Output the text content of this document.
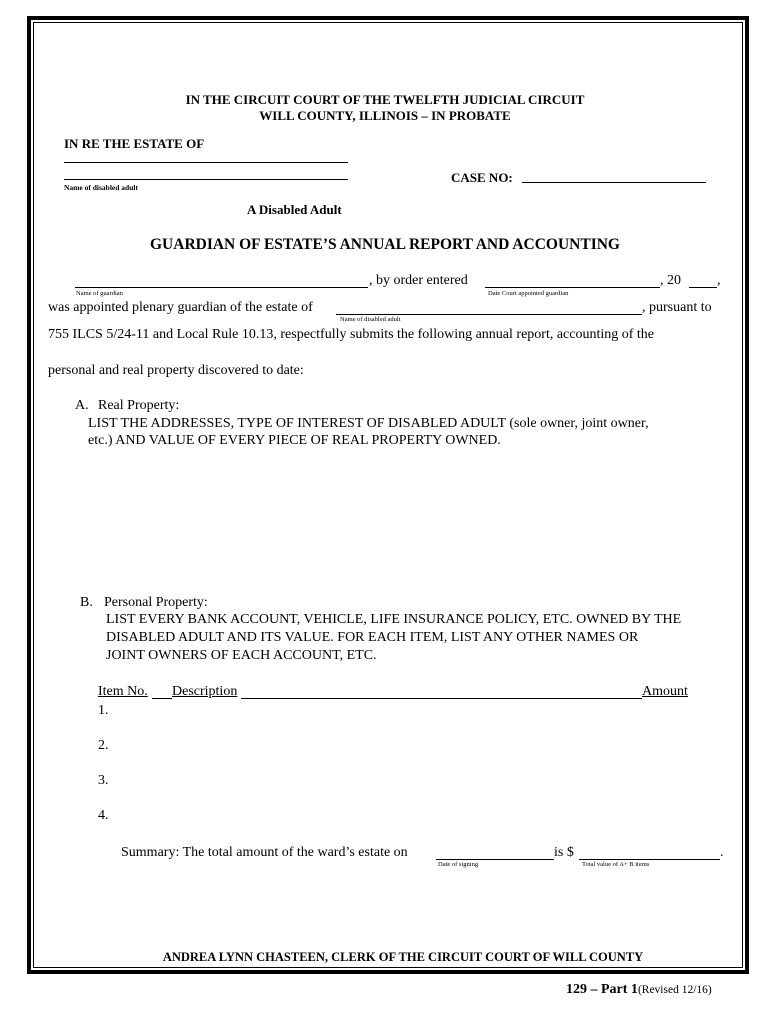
IN THE CIRCUIT COURT OF THE TWELFTH JUDICIAL CIRCUIT
WILL COUNTY, ILLINOIS – IN PROBATE
IN RE THE ESTATE OF
Name of disabled adult
CASE NO:
A Disabled Adult
GUARDIAN OF ESTATE’S ANNUAL REPORT AND ACCOUNTING
, by order entered	, 20	,
Name of guardian	Date Court appointed guardian
was appointed plenary guardian of the estate of	, pursuant to
Name of disabled adult
755 ILCS 5/24-11 and Local Rule 10.13, respectfully submits the following annual report, accounting of the
personal and real property discovered to date:
A. Real Property:
LIST THE ADDRESSES, TYPE OF INTEREST OF DISABLED ADULT (sole owner, joint owner,
etc.) AND VALUE OF EVERY PIECE OF REAL PROPERTY OWNED.
B. Personal Property:
LIST EVERY BANK ACCOUNT, VEHICLE, LIFE INSURANCE POLICY, ETC. OWNED BY THE
DISABLED ADULT AND ITS VALUE. FOR EACH ITEM, LIST ANY OTHER NAMES OR
JOINT OWNERS OF EACH ACCOUNT, ETC.
Item No. Description	Amount
1.
2.
3.
4.
Summary: The total amount of the ward’s estate on	is $	.
Date of signing	Total value of A+ B items
ANDREA LYNN CHASTEEN, CLERK OF THE CIRCUIT COURT OF WILL COUNTY
129 – Part 1(Revised 12/16)
